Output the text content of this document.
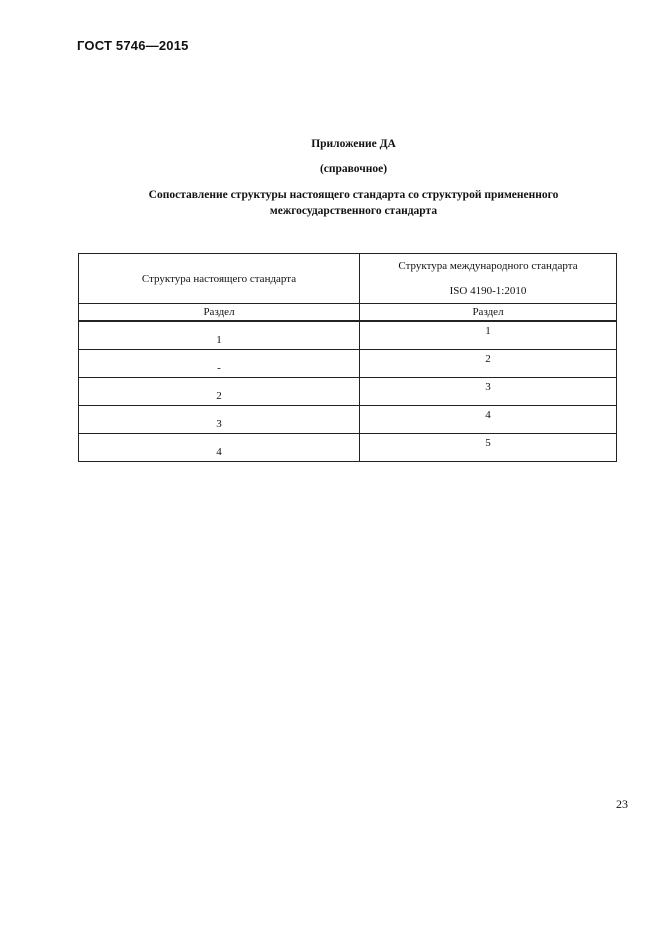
ГОСТ 5746—2015
Приложение ДА
(справочное)
Сопоставление структуры настоящего стандарта со структурой примененного межгосударственного стандарта
Структура настоящего стандарта	Структура международного стандарта
ISO 4190-1:2010

Раздел	Раздел
1	1
-	2
2	3
3	4
4	5
23
